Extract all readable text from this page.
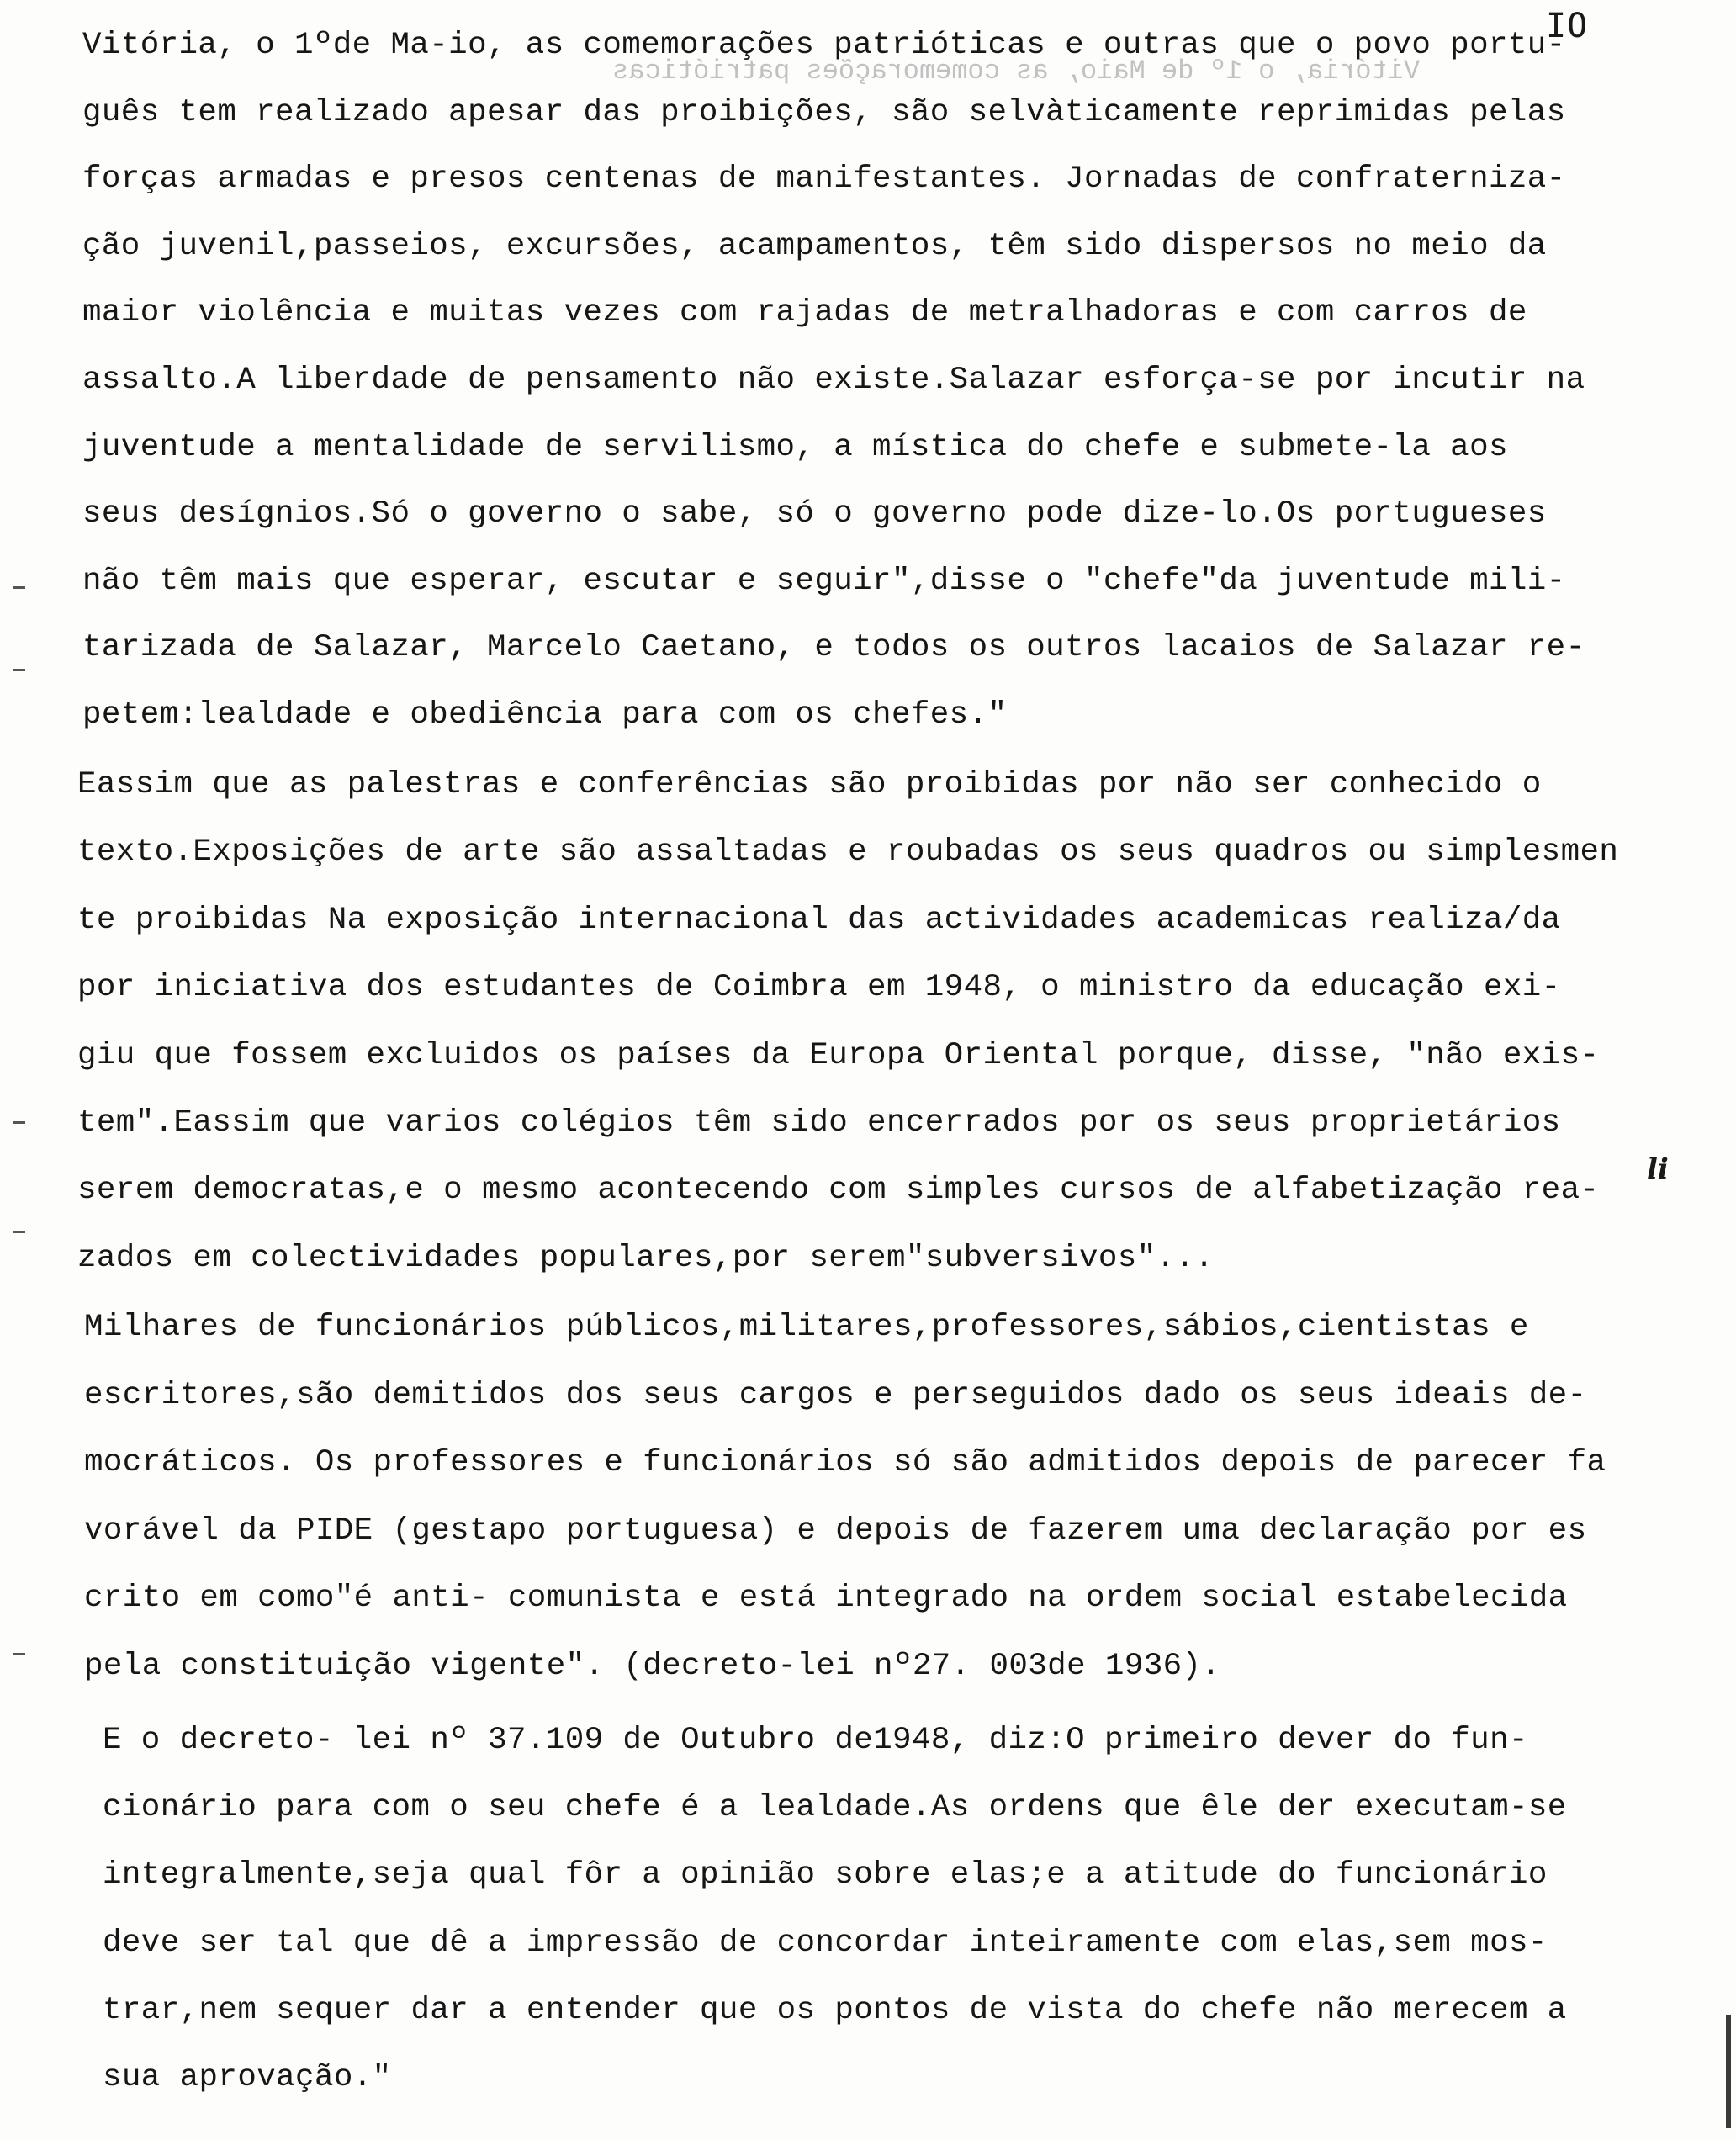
IO
Vitória, o 1º de Maio, as comemorações patrióticas
li
Vitória, o 1ºde Ma-io, as comemorações patrióticas e outras que o povo portu-
guês tem realizado apesar das proibições, são selvàticamente reprimidas pelas
forças armadas e presos centenas de manifestantes. Jornadas de confraterniza-
ção juvenil,passeios, excursões, acampamentos, têm sido dispersos no meio da
maior violência e muitas vezes com rajadas de metralhadoras e com carros de
assalto.A liberdade de pensamento não existe.Salazar esforça-se por incutir na
juventude a mentalidade de servilismo, a mística do chefe e submete-la aos
seus desígnios.Só o governo o sabe, só o governo pode dize-lo.Os portugueses
não têm mais que esperar, escutar e seguir",disse o "chefe"da juventude mili-
tarizada de Salazar, Marcelo Caetano, e todos os outros lacaios de Salazar re-
petem:lealdade e obediência para com os chefes."
Eassim que as palestras e conferências são proibidas por não ser conhecido o
texto.Exposições de arte são assaltadas e roubadas os seus quadros ou simplesmen
te proibidas Na exposição internacional das actividades academicas realiza/da
por iniciativa dos estudantes de Coimbra em 1948, o ministro da educação exi-
giu que fossem excluidos os países da Europa Oriental porque, disse, "não exis-
tem".Eassim que varios colégios têm sido encerrados por os seus proprietários
serem democratas,e o mesmo acontecendo com simples cursos de alfabetização rea-
zados em colectividades populares,por serem"subversivos"...
Milhares de funcionários públicos,militares,professores,sábios,cientistas e
escritores,são demitidos dos seus cargos e perseguidos dado os seus ideais de-
mocráticos. Os professores e funcionários só são admitidos depois de parecer fa
vorável da PIDE (gestapo portuguesa) e depois de fazerem uma declaração por es
crito em como"é anti- comunista e está integrado na ordem social estabelecida
pela constituição vigente". (decreto-lei nº27. 003de 1936).
E o decreto- lei nº 37.109 de Outubro de1948, diz:O primeiro dever do fun-
cionário para com o seu chefe é a lealdade.As ordens que êle der executam-se
integralmente,seja qual fôr a opinião sobre elas;e a atitude do funcionário
deve ser tal que dê a impressão de concordar inteiramente com elas,sem mos-
trar,nem sequer dar a entender que os pontos de vista do chefe não merecem a
sua aprovação."
